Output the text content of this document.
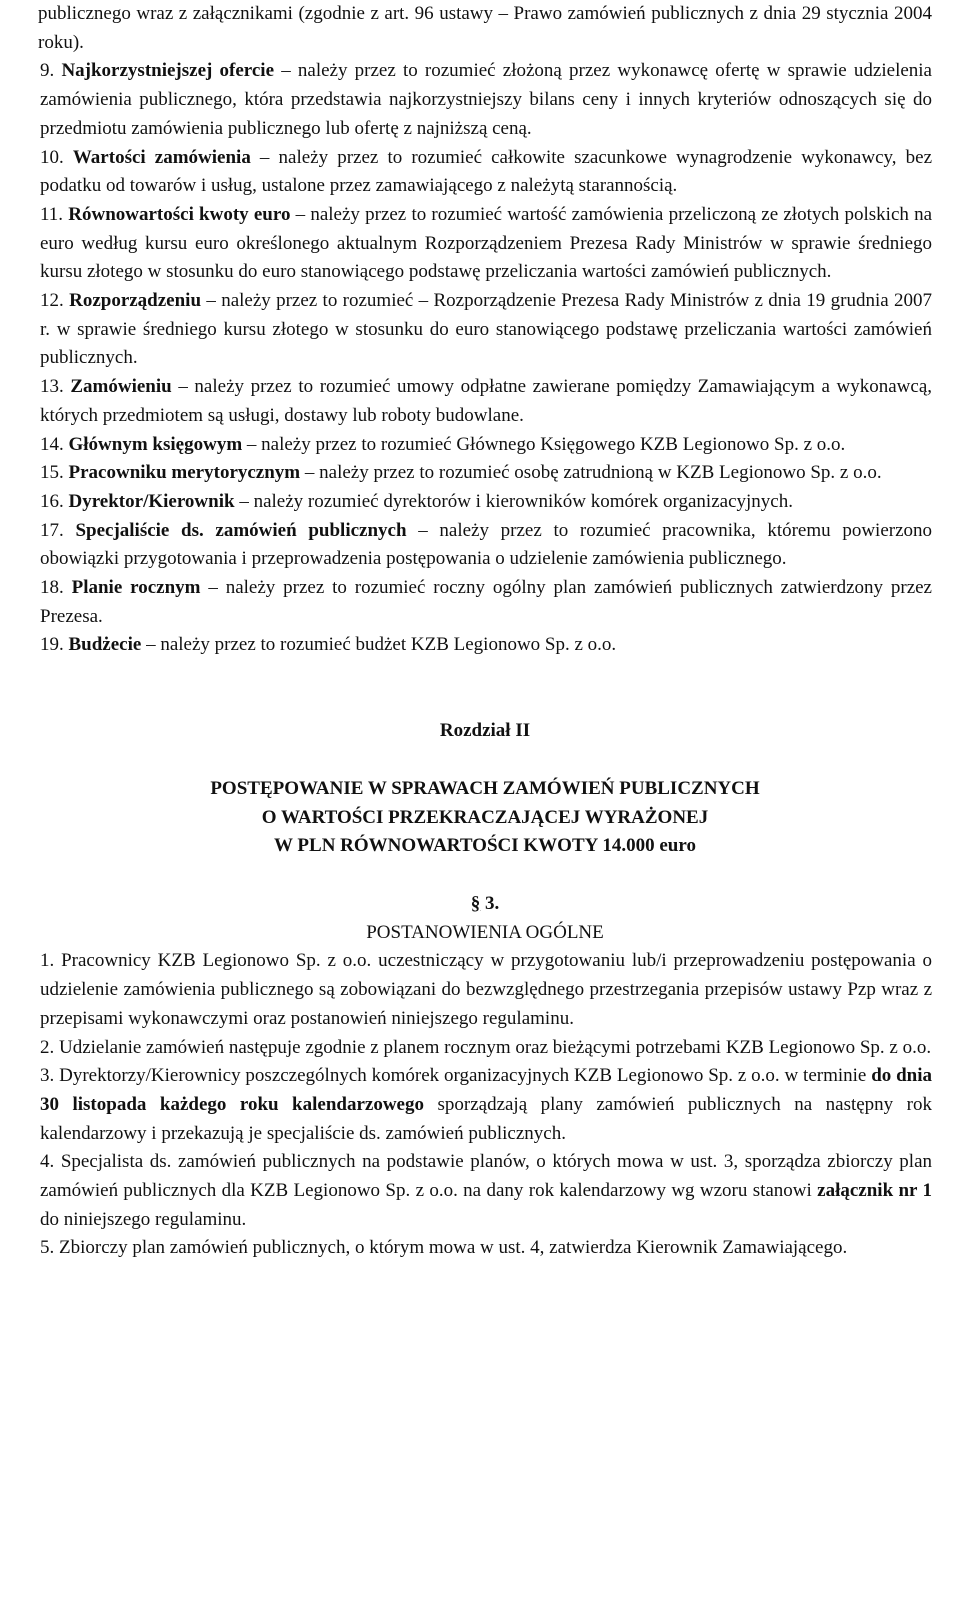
publicznego wraz z załącznikami (zgodnie z art. 96 ustawy – Prawo zamówień publicznych z dnia 29 stycznia 2004 roku).
9. Najkorzystniejszej ofercie – należy przez to rozumieć złożoną przez wykonawcę ofertę w sprawie udzielenia zamówienia publicznego, która przedstawia najkorzystniejszy bilans ceny i innych kryteriów odnoszących się do przedmiotu zamówienia publicznego lub ofertę z najniższą ceną.
10. Wartości zamówienia – należy przez to rozumieć całkowite szacunkowe wynagrodzenie wykonawcy, bez podatku od towarów i usług, ustalone przez zamawiającego z należytą starannością.
11. Równowartości kwoty euro – należy przez to rozumieć wartość zamówienia przeliczoną ze złotych polskich na euro według kursu euro określonego aktualnym Rozporządzeniem Prezesa Rady Ministrów w sprawie średniego kursu złotego w stosunku do euro stanowiącego podstawę przeliczania wartości zamówień publicznych.
12. Rozporządzeniu – należy przez to rozumieć – Rozporządzenie Prezesa Rady Ministrów z dnia 19 grudnia 2007 r. w sprawie średniego kursu złotego w stosunku do euro stanowiącego podstawę przeliczania wartości zamówień publicznych.
13. Zamówieniu – należy przez to rozumieć umowy odpłatne zawierane pomiędzy Zamawiającym a wykonawcą, których przedmiotem są usługi, dostawy lub roboty budowlane.
14. Głównym księgowym – należy przez to rozumieć Głównego Księgowego KZB Legionowo Sp. z o.o.
15. Pracowniku merytorycznym – należy przez to rozumieć osobę zatrudnioną w KZB Legionowo Sp. z o.o.
16. Dyrektor/Kierownik – należy rozumieć dyrektorów i kierowników komórek organizacyjnych.
17. Specjaliście ds. zamówień publicznych – należy przez to rozumieć pracownika, któremu powierzono obowiązki przygotowania i przeprowadzenia postępowania o udzielenie zamówienia publicznego.
18. Planie rocznym – należy przez to rozumieć roczny ogólny plan zamówień publicznych zatwierdzony przez Prezesa.
19. Budżecie – należy przez to rozumieć budżet KZB Legionowo Sp. z o.o.
Rozdział II
POSTĘPOWANIE W SPRAWACH ZAMÓWIEŃ PUBLICZNYCH
O WARTOŚCI PRZEKRACZAJĄCEJ WYRAŻONEJ
W PLN RÓWNOWARTOŚCI KWOTY 14.000 euro
§ 3.
POSTANOWIENIA OGÓLNE
1. Pracownicy KZB Legionowo Sp. z o.o. uczestniczący w przygotowaniu lub/i przeprowadzeniu postępowania o udzielenie zamówienia publicznego są zobowiązani do bezwzględnego przestrzegania przepisów ustawy Pzp wraz z przepisami wykonawczymi oraz postanowień niniejszego regulaminu.
2. Udzielanie zamówień następuje zgodnie z planem rocznym oraz bieżącymi potrzebami KZB Legionowo Sp. z o.o.
3. Dyrektorzy/Kierownicy poszczególnych komórek organizacyjnych KZB Legionowo Sp. z o.o. w terminie do dnia 30 listopada każdego roku kalendarzowego sporządzają plany zamówień publicznych na następny rok kalendarzowy i przekazują je specjaliście ds. zamówień publicznych.
4. Specjalista ds. zamówień publicznych na podstawie planów, o których mowa w ust. 3, sporządza zbiorczy plan zamówień publicznych dla KZB Legionowo Sp. z o.o. na dany rok kalendarzowy wg wzoru stanowi załącznik nr 1 do niniejszego regulaminu.
5. Zbiorczy plan zamówień publicznych, o którym mowa w ust. 4, zatwierdza Kierownik Zamawiającego.
